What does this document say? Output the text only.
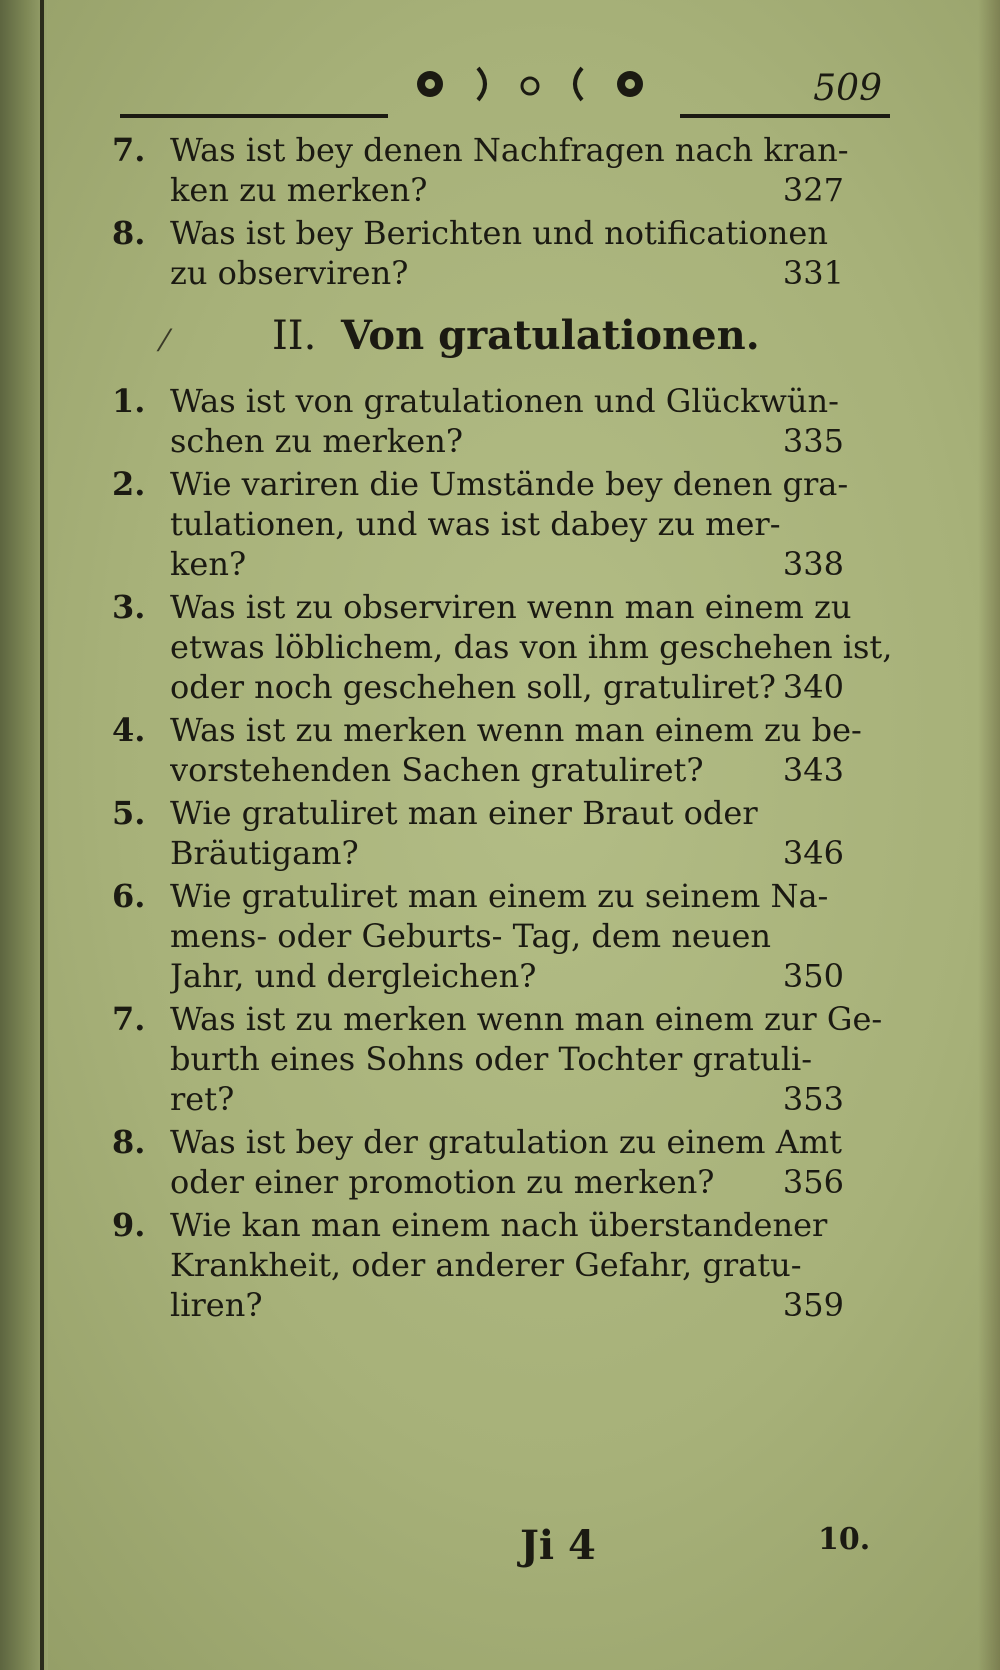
509
7. Was ist bey denen Nachfragen nach kran-
ken zu merken?	327
8. Was ist bey Berichten und notificationen
zu observiren?	331
⁄	II. Von gratulationen.
1. Was ist von gratulationen und Glückwün-
schen zu merken?	335
2. Wie variren die Umstände bey denen gra-
tulationen, und was ist dabey zu mer-
ken?	338
3. Was ist zu observiren wenn man einem zu
etwas löblichem, das von ihm geschehen ist,
oder noch geschehen soll, gratuliret? 340
4. Was ist zu merken wenn man einem zu be-
vorstehenden Sachen gratuliret?	343
5. Wie gratuliret man einer Braut oder
Bräutigam?	346
6. Wie gratuliret man einem zu seinem Na-
mens- oder Geburts- Tag, dem neuen
Jahr, und dergleichen?	350
7. Was ist zu merken wenn man einem zur Ge-
burth eines Sohns oder Tochter gratuli-
ret?	353
8. Was ist bey der gratulation zu einem Amt
oder einer promotion zu merken?	356
9. Wie kan man einem nach überstandener
Krankheit, oder anderer Gefahr, gratu-
liren?	359
Ji 4	10.
